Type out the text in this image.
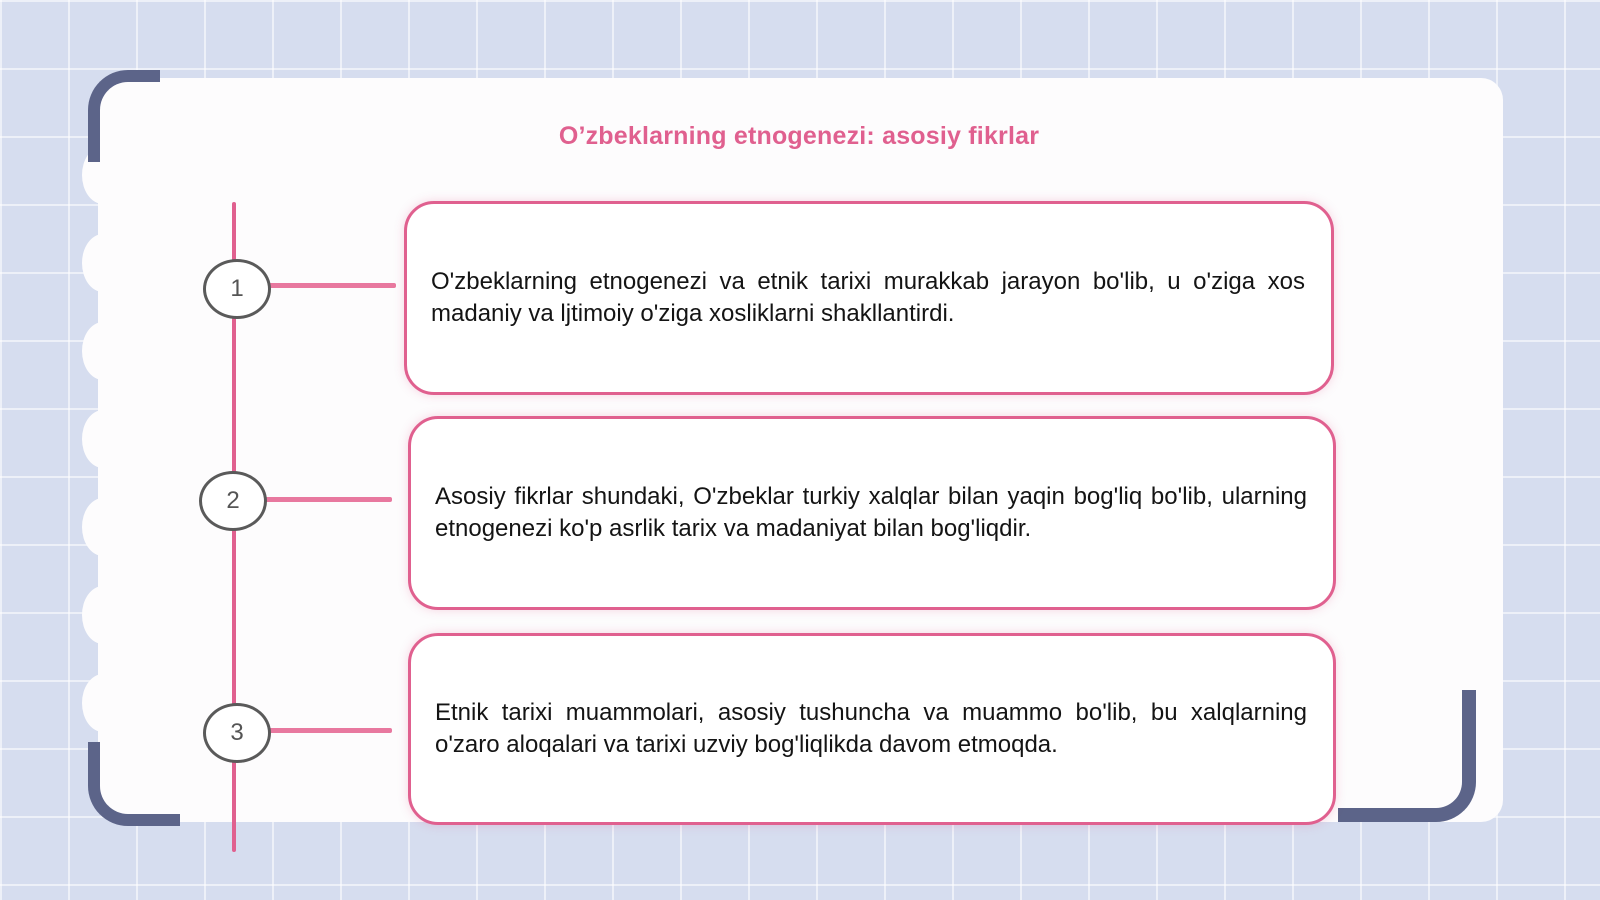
O’zbeklarning etnogenezi: asosiy fikrlar
1	O'zbeklarning etnogenezi va etnik tarixi murakkab jarayon bo'lib, u o'ziga xos madaniy va ljtimoiy o'ziga xosliklarni shakllantirdi.

2	Asosiy fikrlar shundaki, O'zbeklar turkiy xalqlar bilan yaqin bog'liq bo'lib, ularning etnogenezi ko'p asrlik tarix va madaniyat bilan bog'liqdir.

3

Etnik tarixi muammolari, asosiy tushuncha va muammo bo'lib, bu xalqlarning o'zaro aloqalari va tarixi uzviy bog'liqlikda davom etmoqda.
